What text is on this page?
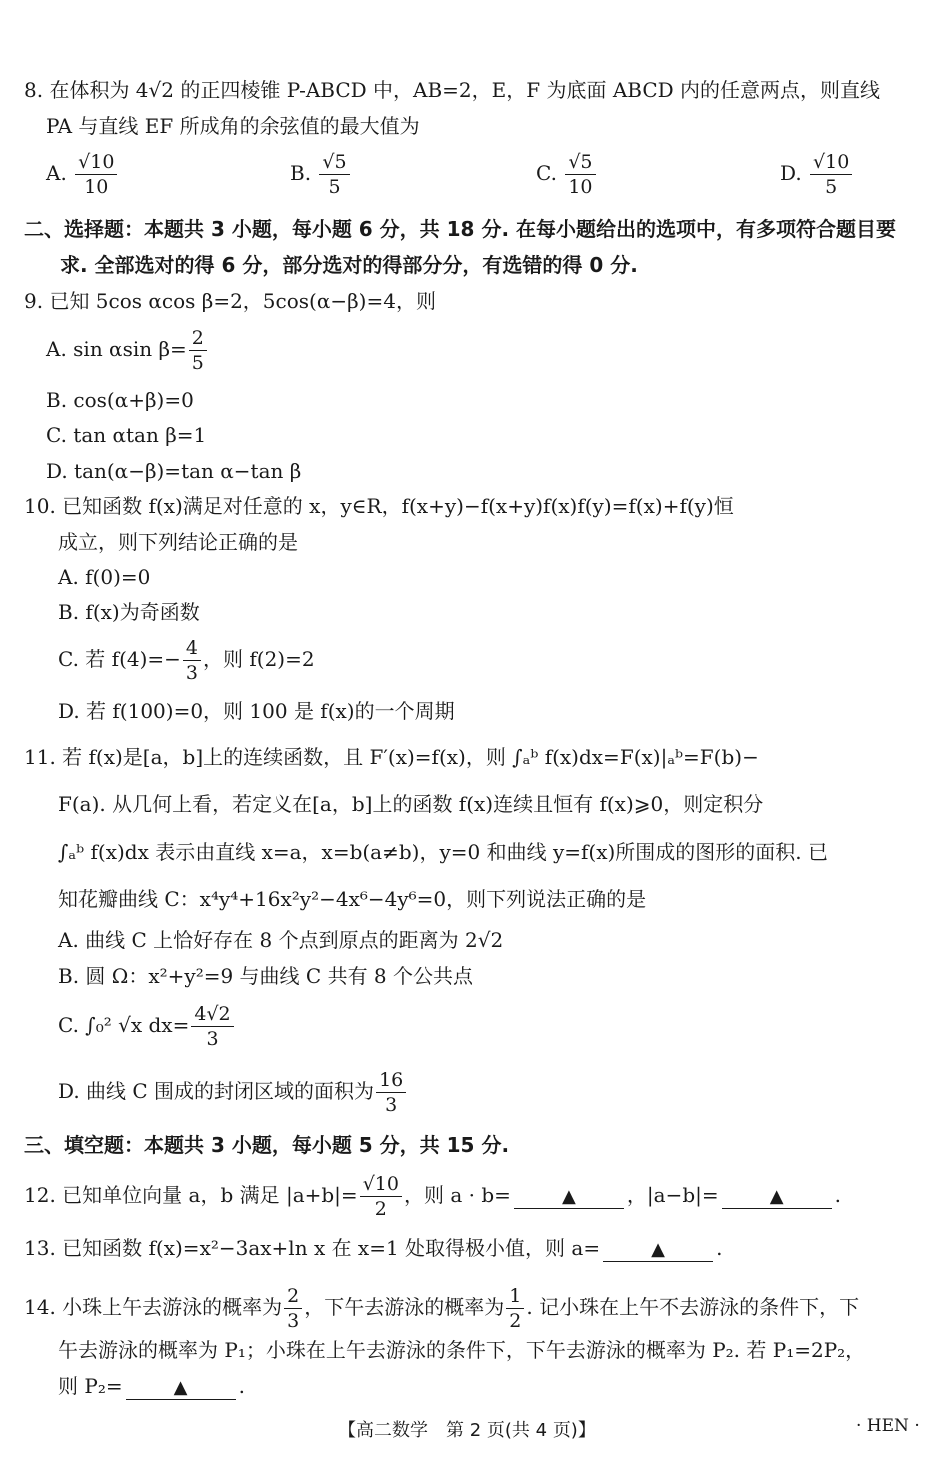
8. 在体积为 4√2 的正四棱锥 P-ABCD 中，AB=2，E，F 为底面 ABCD 内的任意两点，则直线
PA 与直线 EF 所成角的余弦值的最大值为
A. $\frac{√10}{10}$	B. $\frac{√5}{5}$	C. $\frac{√5}{10}$	D. $\frac{√10}{5}$
二、选择题：本题共 3 小题，每小题 6 分，共 18 分. 在每小题给出的选项中，有多项符合题目要
求. 全部选对的得 6 分，部分选对的得部分分，有选错的得 0 分.
9. 已知 5cos αcos β=2，5cos(α−β)=4，则
A. sin αsin $\beta= \frac{2}{5}$
B. cos(α+β)=0
C. tan αtan β=1
D. tan(α−β)=tan α−tan β
10. 已知函数 f(x)满足对任意的 x，y∈R，f(x+y)−f(x+y)f(x)f(y)=f(x)+f(y)恒
成立，则下列结论正确的是
A. f(0)=0
B. f(x)为奇函数
C. 若 $f(4)=- \frac{4}{3}$ ，则 f(2)=2
D. 若 f(100)=0，则 100 是 f(x)的一个周期
11. 若 f(x)是[a，b]上的连续函数，且 F′(x)=f(x)，则 ∫ₐᵇ f(x)dx=F(x)|ₐᵇ=F(b)−
F(a). 从几何上看，若定义在[a，b]上的函数 f(x)连续且恒有 f(x)⩾0，则定积分
∫ₐᵇ f(x)dx 表示由直线 x=a，x=b(a≠b)，y=0 和曲线 y=f(x)所围成的图形的面积. 已
知花瓣曲线 C：x⁴y⁴+16x²y²−4x⁶−4y⁶=0，则下列说法正确的是
A. 曲线 C 上恰好存在 8 个点到原点的距离为 2√2
B. 圆 Ω：x²+y²=9 与曲线 C 共有 8 个公共点
C. ∫₀² √x $dx= \frac{4√2}{3}$
D. 曲线 C 围成的封闭区域的面积为 $\frac{16}{3}$
三、填空题：本题共 3 小题，每小题 5 分，共 15 分.
12. 已知单位向量 a，b 满足 $|a+b|= \frac{√10}{2}$ ，则 a · b=	▲	，|a−b|=	▲	.
13. 已知函数 f(x)=x²−3ax+ln x 在 x=1 处取得极小值，则 a=	▲	.
14. 小珠上午去游泳的概率为 $\frac{2}{3}$ ，下午去游泳的概率为 $\frac{1}{2}$ . 记小珠在上午不去游泳的条件下，下
午去游泳的概率为 P₁；小珠在上午去游泳的条件下，下午去游泳的概率为 P₂. 若 P₁=2P₂，
则 P₂=	▲	.
【高二数学　第 2 页(共 4 页)】	· HEN ·
